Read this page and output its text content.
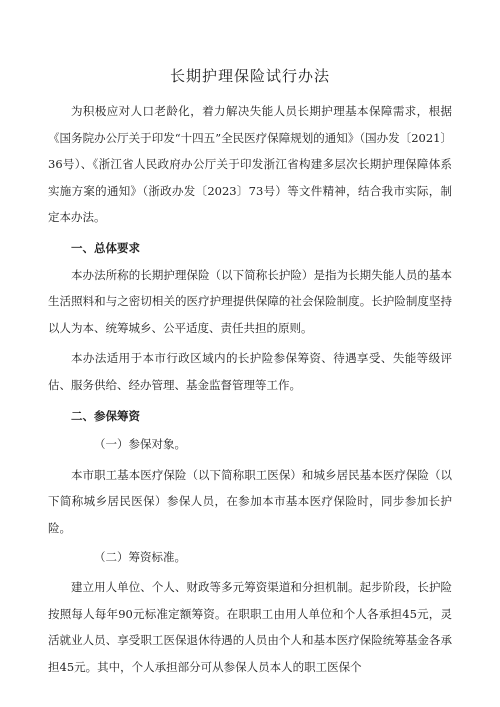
长期护理保险试行办法

为积极应对人口老龄化，着力解决失能人员长期护理基本保障需求，根据《国务院办公厅关于印发“十四五”全民医疗保障规划的通知》（国办发〔2021〕36号）、《浙江省人民政府办公厅关于印发浙江省构建多层次长期护理保障体系实施方案的通知》（浙政办发〔2023〕73号）等文件精神，结合我市实际，制定本办法。

一、总体要求

本办法所称的长期护理保险（以下简称长护险）是指为长期失能人员的基本生活照料和与之密切相关的医疗护理提供保障的社会保险制度。长护险制度坚持以人为本、统筹城乡、公平适度、责任共担的原则。

本办法适用于本市行政区域内的长护险参保筹资、待遇享受、失能等级评估、服务供给、经办管理、基金监督管理等工作。

二、参保筹资
（一）参保对象。

本市职工基本医疗保险（以下简称职工医保）和城乡居民基本医疗保险（以下简称城乡居民医保）参保人员，在参加本市基本医疗保险时，同步参加长护险。

（二）筹资标准。

建立用人单位、个人、财政等多元筹资渠道和分担机制。起步阶段，长护险按照每人每年90元标准定额筹资。在职职工由用人单位和个人各承担45元，灵活就业人员、享受职工医保退休待遇的人员由个人和基本医疗保险统筹基金各承担45元。其中，个人承担部分可从参保人员本人的职工医保个
